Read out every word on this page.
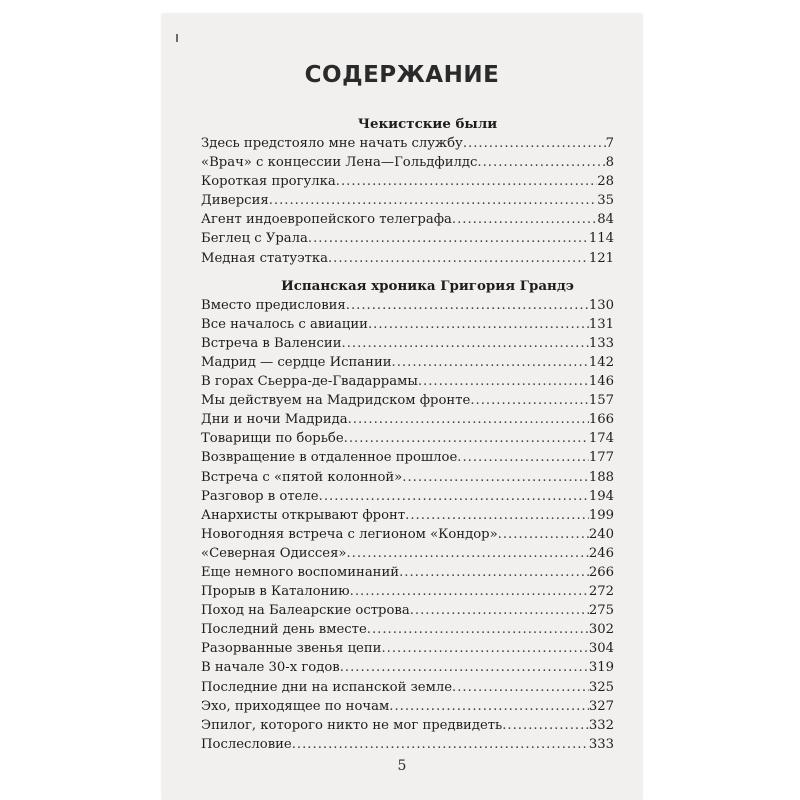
СОДЕРЖАНИЕ
Чекистские были
Здесь предстояло мне начать службу .....	7
«Врач» с концессии Лена—Гольдфилдс .....	8
Короткая прогулка .....	28
Диверсия .....	35
Агент индоевропейского телеграфа .....	84
Беглец с Урала .....	114
Медная статуэтка .....	121
Испанская хроника Григория Грандэ
Вместо предисловия .....	130
Все началось с авиации .....	131
Встреча в Валенсии .....	133
Мадрид — сердце Испании .....	142
В горах Сьерра-де-Гвадаррамы .....	146
Мы действуем на Мадридском фронте .....	157
Дни и ночи Мадрида .....	166
Товарищи по борьбе .....	174
Возвращение в отдаленное прошлое .....	177
Встреча с «пятой колонной» .....	188
Разговор в отеле .....	194
Анархисты открывают фронт .....	199
Новогодняя встреча с легионом «Кондор» .....	240
«Северная Одиссея» .....	246
Еще немного воспоминаний .....	266
Прорыв в Каталонию .....	272
Поход на Балеарские острова .....	275
Последний день вместе .....	302
Разорванные звенья цепи .....	304
В начале 30-х годов .....	319
Последние дни на испанской земле .....	325
Эхо, приходящее по ночам .....	327
Эпилог, которого никто не мог предвидеть .....	332
Послесловие .....	333
5
